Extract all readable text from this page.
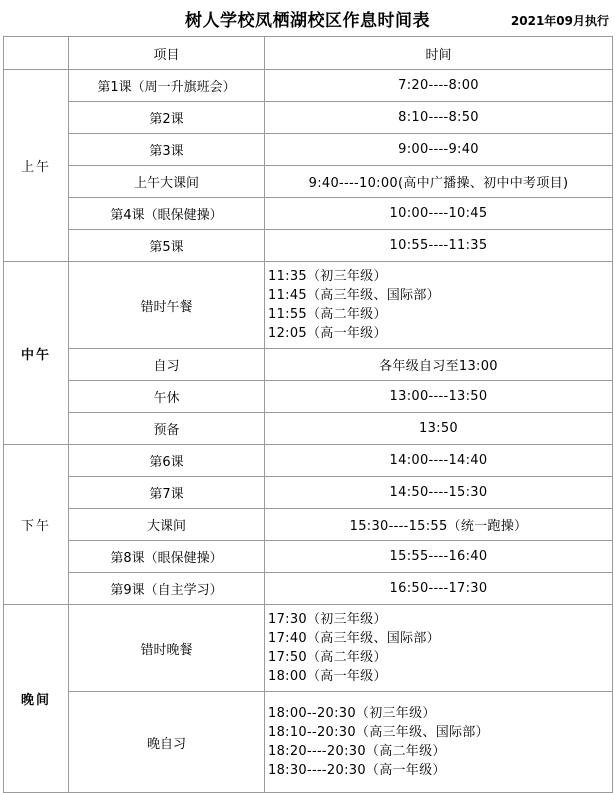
树人学校凤栖湖校区作息时间表	2021年09月执行
	项目	时间
上午	第1课（周一升旗班会）	7:20----8:00
	第2课	8:10----8:50
	第3课	9:00----9:40
	上午大课间	9:40----10:00(高中广播操、初中中考项目)
	第4课（眼保健操）	10:00----10:45
	第5课	10:55----11:35
中午	错时午餐	11:35（初三年级）
11:45（高三年级、国际部）
11:55（高二年级）
12:05（高一年级）

	自习	各年级自习至13:00
	午休	13:00----13:50
	预备	13:50
下午	第6课	14:00----14:40
	第7课	14:50----15:30
	大课间	15:30----15:55（统一跑操）
	第8课（眼保健操）	15:55----16:40
	第9课（自主学习）	16:50----17:30
晚间	错时晚餐	17:30（初三年级）
17:40（高三年级、国际部）
17:50（高二年级）
18:00（高一年级）

	晚自习	18:00--20:30（初三年级）
18:10--20:30（高三年级、国际部）
18:20----20:30（高二年级）
18:30----20:30（高一年级）
